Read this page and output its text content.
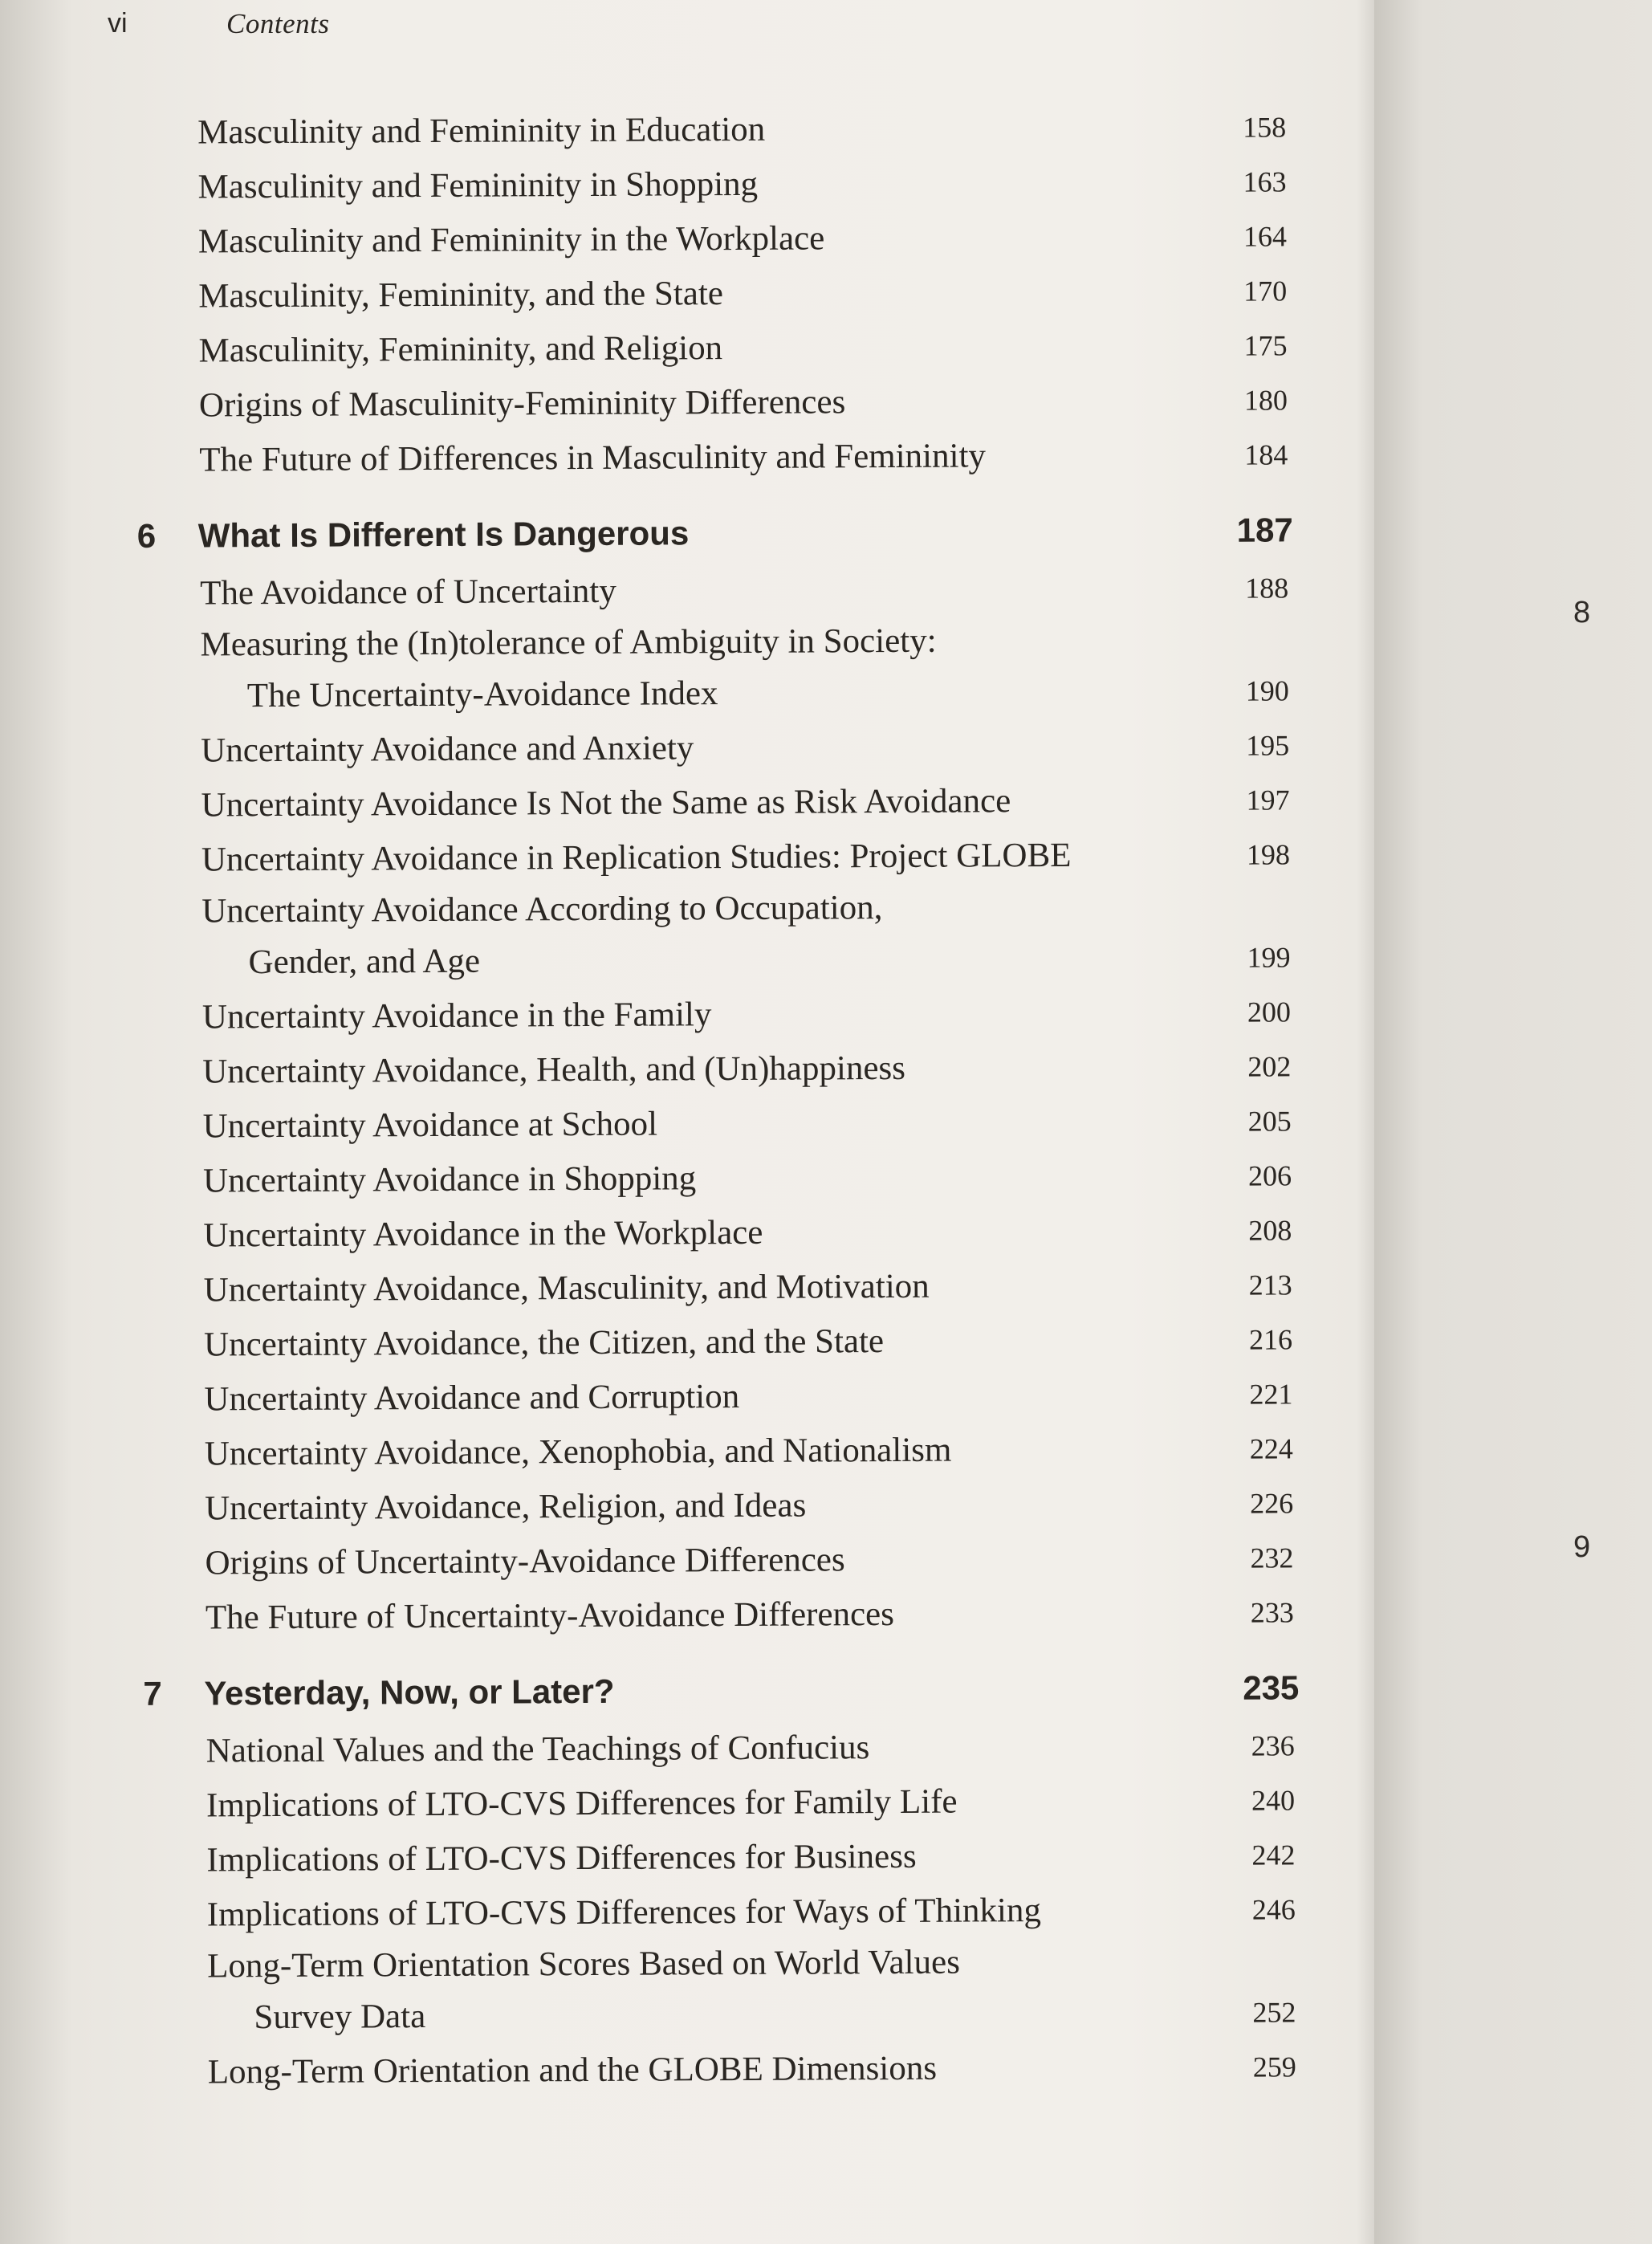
vi	Contents
Masculinity and Femininity in Education	158
Masculinity and Femininity in Shopping	163
Masculinity and Femininity in the Workplace	164
Masculinity, Femininity, and the State	170
Masculinity, Femininity, and Religion	175
Origins of Masculinity-Femininity Differences	180
The Future of Differences in Masculinity and Femininity	184
6	What Is Different Is Dangerous	187
The Avoidance of Uncertainty	188
Measuring the (In)tolerance of Ambiguity in Society:
The Uncertainty-Avoidance Index	190
Uncertainty Avoidance and Anxiety	195
Uncertainty Avoidance Is Not the Same as Risk Avoidance	197
Uncertainty Avoidance in Replication Studies: Project GLOBE	198
Uncertainty Avoidance According to Occupation,
Gender, and Age	199
Uncertainty Avoidance in the Family	200
Uncertainty Avoidance, Health, and (Un)happiness	202
Uncertainty Avoidance at School	205
Uncertainty Avoidance in Shopping	206
Uncertainty Avoidance in the Workplace	208
Uncertainty Avoidance, Masculinity, and Motivation	213
Uncertainty Avoidance, the Citizen, and the State	216
Uncertainty Avoidance and Corruption	221
Uncertainty Avoidance, Xenophobia, and Nationalism	224
Uncertainty Avoidance, Religion, and Ideas	226
Origins of Uncertainty-Avoidance Differences	232
The Future of Uncertainty-Avoidance Differences	233
7	Yesterday, Now, or Later?	235
National Values and the Teachings of Confucius	236
Implications of LTO-CVS Differences for Family Life	240
Implications of LTO-CVS Differences for Business	242
Implications of LTO-CVS Differences for Ways of Thinking	246
Long-Term Orientation Scores Based on World Values
Survey Data	252
Long-Term Orientation and the GLOBE Dimensions	259
8
9
